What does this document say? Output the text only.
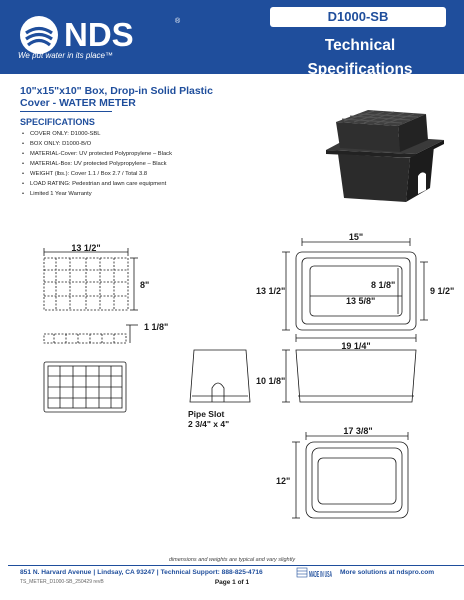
NDS	®
We put water in its place™
D1000-SB
Technical Specifications
10"x15"x10" Box, Drop-in Solid Plastic Cover - WATER METER
SPECIFICATIONS
• COVER ONLY: D1000-SBL
• BOX ONLY: D1000-B/O
• MATERIAL-Cover: UV protected Polypropylene – Black
• MATERIAL-Box: UV protected Polypropylene – Black
• WEIGHT (lbs.): Cover 1.1 / Box 2.7 / Total 3.8
• LOAD RATING: Pedestrian and lawn care equipment
• Limited 1 Year Warranty
13 1/2"
8"
1 1/8"
15"
13 1/2"
8 1/8"
9 1/2"
13 5/8"
19 1/4"
10 1/8"
17 3/8"
12"
Pipe Slot
2 3/4" x 4"
dimensions and weights are typical and vary slightly
851 N. Harvard Avenue | Lindsay, CA 93247 | Technical Support: 888-825-4716	MADE IN USA More solutions at ndspro.com
TS_METER_D1000-SB_250429 revB	Page 1 of 1
